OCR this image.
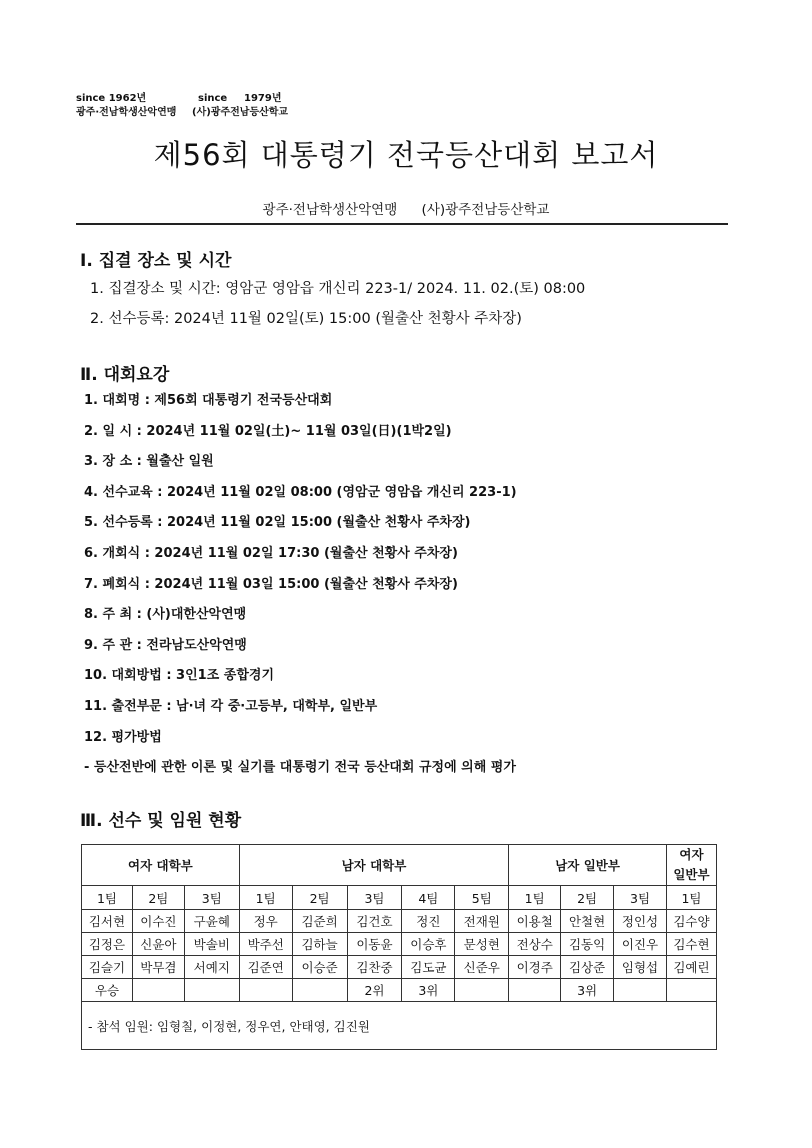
since 1962년	since 1979년
광주·전남학생산악연맹 (사)광주전남등산학교
제56회 대통령기 전국등산대회 보고서
광주·전남학생산악연맹 (사)광주전남등산학교
Ⅰ. 집결 장소 및 시간
1. 집결장소 및 시간: 영암군 영암읍 개신리 223-1/ 2024. 11. 02.(토) 08:00
2. 선수등록: 2024년 11월 02일(토) 15:00 (월출산 천황사 주차장)
Ⅱ. 대회요강
1. 대회명 : 제56회 대통령기 전국등산대회
2. 일 시 : 2024년 11월 02일(土)~ 11월 03일(日)(1박2일)
3. 장 소 : 월출산 일원
4. 선수교육 : 2024년 11월 02일 08:00 (영암군 영암읍 개신리 223-1)
5. 선수등록 : 2024년 11월 02일 15:00 (월출산 천황사 주차장)
6. 개회식 : 2024년 11월 02일 17:30 (월출산 천황사 주차장)
7. 폐회식 : 2024년 11월 03일 15:00 (월출산 천황사 주차장)
8. 주 최 : (사)대한산악연맹
9. 주 관 : 전라남도산악연맹
10. 대회방법 : 3인1조 종합경기
11. 출전부문 : 남·녀 각 중·고등부, 대학부, 일반부
12. 평가방법
- 등산전반에 관한 이론 및 실기를 대통령기 전국 등산대회 규정에 의해 평가
Ⅲ. 선수 및 임원 현황
여자 대학부			남자 대학부					남자 일반부			여자 일반부
1팀	2팀	3팀	1팀	2팀	3팀	4팀	5팀	1팀	2팀	3팀	1팀
김서현	이수진	구윤혜	정우	김준희	김건호	정진	전재원	이용철	안철현	정인성	김수양
김정은	신윤아	박솔비	박주선	김하늘	이동윤	이승후	문성현	전상수	김동익	이진우	김수현
김슬기	박무겸	서예지	김준연	이승준	김찬중	김도균	신준우	이경주	김상준	임형섭	김예린
우승					2위	3위			3위		
- 참석 임원: 임형칠, 이정현, 정우연, 안태영, 김진원											
